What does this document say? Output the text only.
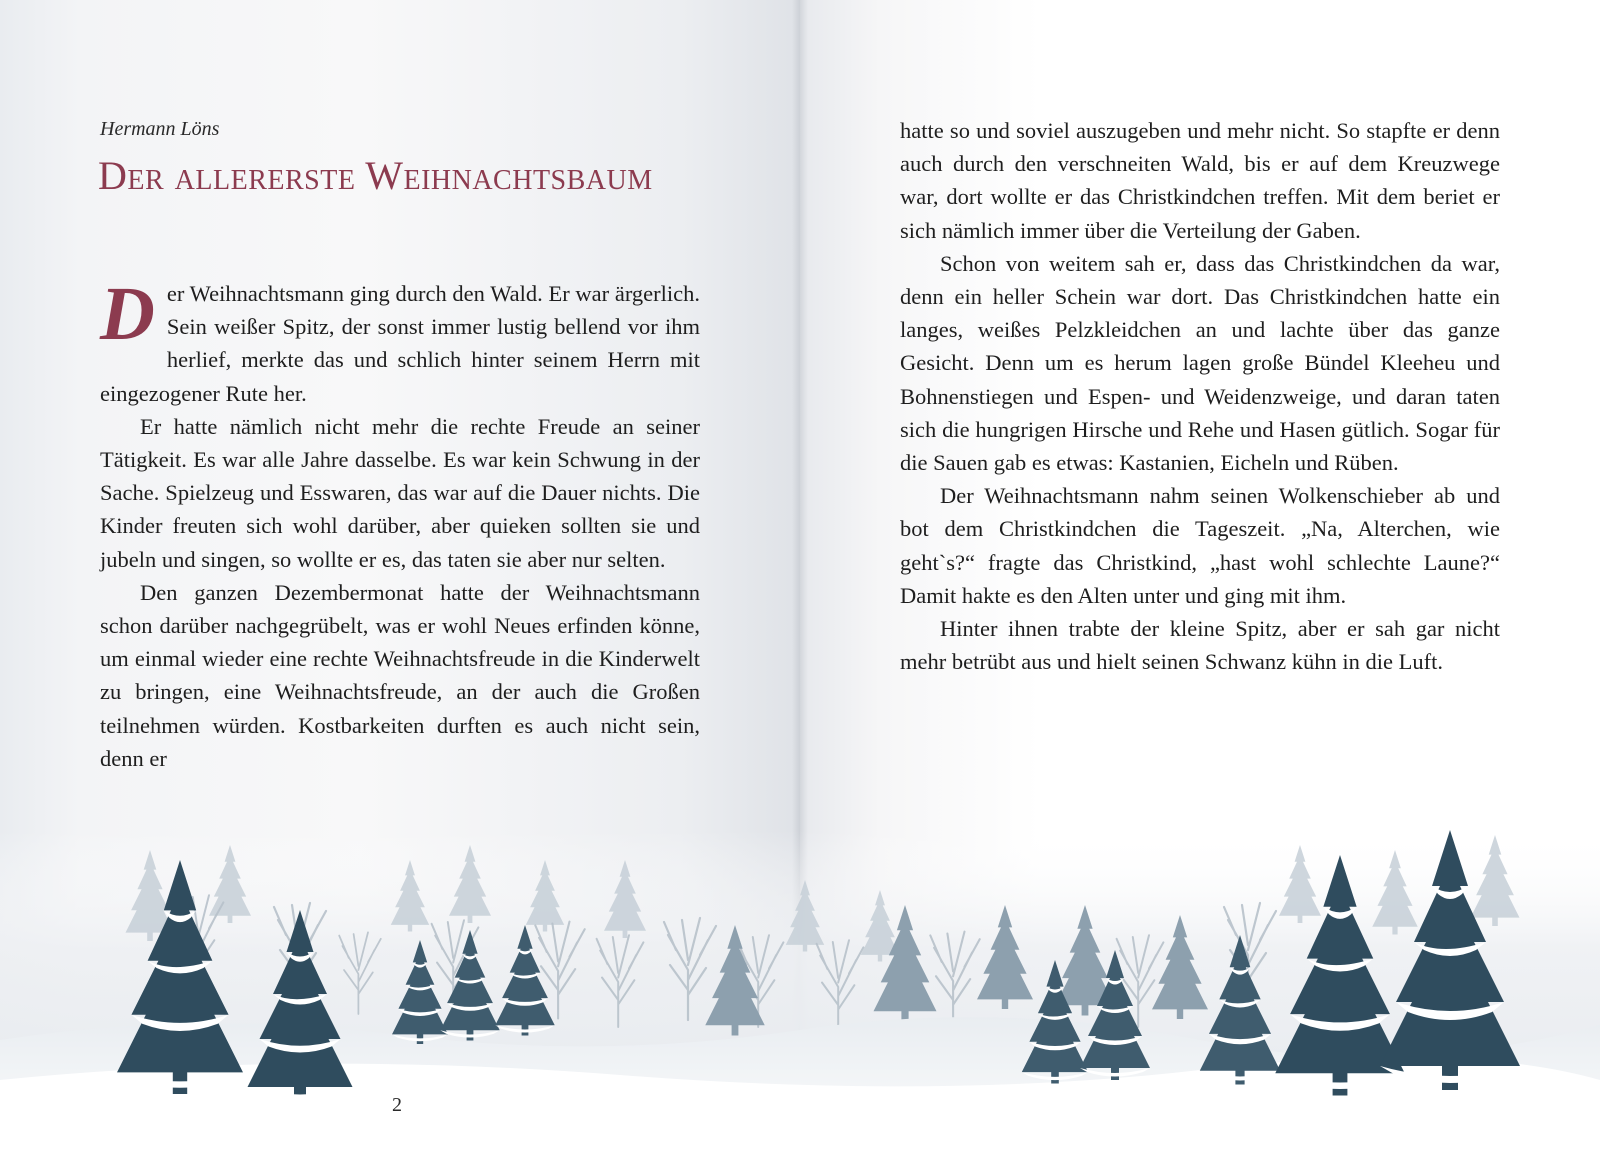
Hermann Löns
Der allererste Weihnachtsbaum

Der Weihnachtsmann ging durch den Wald. Er war ärgerlich. Sein weißer Spitz, der sonst immer lustig bellend vor ihm herlief, merkte das und schlich hinter seinem Herrn mit eingezogener Rute her.

Er hatte nämlich nicht mehr die rechte Freude an seiner Tätigkeit. Es war alle Jahre dasselbe. Es war kein Schwung in der Sache. Spielzeug und Esswaren, das war auf die Dauer nichts. Die Kinder freuten sich wohl darüber, aber quieken sollten sie und jubeln und singen, so wollte er es, das taten sie aber nur selten.

Den ganzen Dezembermonat hatte der Weihnachtsmann schon darüber nachgegrübelt, was er wohl Neues erfinden könne, um einmal wieder eine rechte Weihnachtsfreude in die Kinderwelt zu bringen, eine Weihnachtsfreude, an der auch die Großen teilnehmen würden. Kostbarkeiten durften es auch nicht sein, denn er

hatte so und soviel auszugeben und mehr nicht. So stapfte er denn auch durch den verschneiten Wald, bis er auf dem Kreuzwege war, dort wollte er das Christkindchen treffen. Mit dem beriet er sich nämlich immer über die Verteilung der Gaben.

Schon von weitem sah er, dass das Christkindchen da war, denn ein heller Schein war dort. Das Christkindchen hatte ein langes, weißes Pelzkleidchen an und lachte über das ganze Gesicht. Denn um es herum lagen große Bündel Kleeheu und Bohnenstiegen und Espen- und Weidenzweige, und daran taten sich die hungrigen Hirsche und Rehe und Hasen gütlich. Sogar für die Sauen gab es etwas: Kastanien, Eicheln und Rüben.

Der Weihnachtsmann nahm seinen Wolkenschieber ab und bot dem Christkindchen die Tageszeit. „Na, Alterchen, wie geht`s?“ fragte das Christkind, „hast wohl schlechte Laune?“ Damit hakte es den Alten unter und ging mit ihm.

Hinter ihnen trabte der kleine Spitz, aber er sah gar nicht mehr betrübt aus und hielt seinen Schwanz kühn in die Luft.

2
